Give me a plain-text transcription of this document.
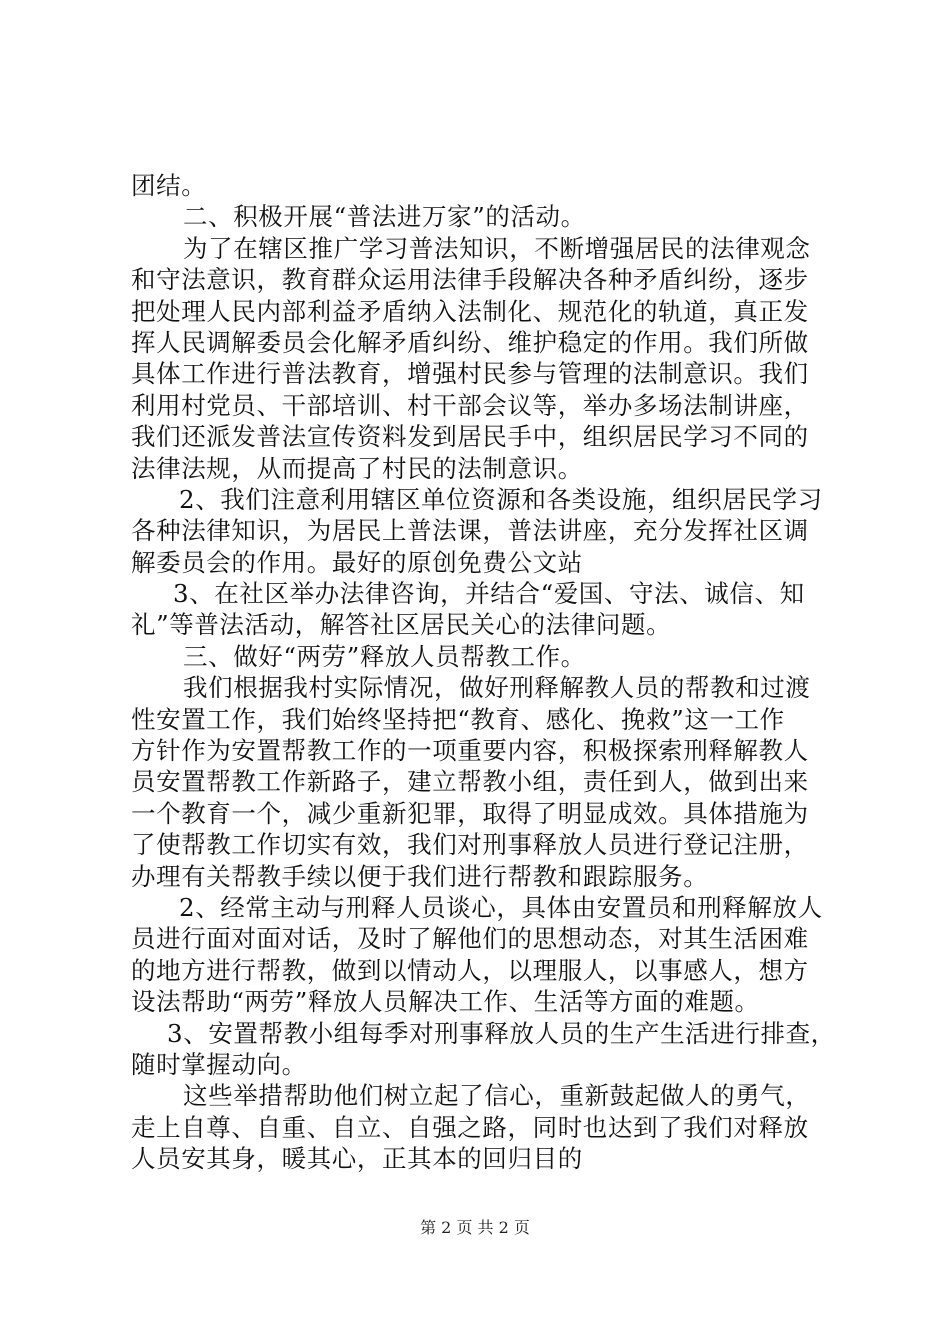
团结。
二、积极开展“普法进万家”的活动。
为了在辖区推广学习普法知识，不断增强居民的法律观念
和守法意识，教育群众运用法律手段解决各种矛盾纠纷，逐步
把处理人民内部利益矛盾纳入法制化、规范化的轨道，真正发
挥人民调解委员会化解矛盾纠纷、维护稳定的作用。我们所做
具体工作进行普法教育，增强村民参与管理的法制意识。我们
利用村党员、干部培训、村干部会议等，举办多场法制讲座，
我们还派发普法宣传资料发到居民手中，组织居民学习不同的
法律法规，从而提高了村民的法制意识。
2、我们注意利用辖区单位资源和各类设施，组织居民学习
各种法律知识，为居民上普法课，普法讲座，充分发挥社区调
解委员会的作用。最好的原创免费公文站
3、在社区举办法律咨询，并结合“爱国、守法、诚信、知
礼”等普法活动，解答社区居民关心的法律问题。
三、做好“两劳”释放人员帮教工作。
我们根据我村实际情况，做好刑释解教人员的帮教和过渡
性安置工作，我们始终坚持把“教育、感化、挽救”这一工作
方针作为安置帮教工作的一项重要内容，积极探索刑释解教人
员安置帮教工作新路子，建立帮教小组，责任到人，做到出来
一个教育一个，减少重新犯罪，取得了明显成效。具体措施为
了使帮教工作切实有效，我们对刑事释放人员进行登记注册，
办理有关帮教手续以便于我们进行帮教和跟踪服务。
2、经常主动与刑释人员谈心，具体由安置员和刑释解放人
员进行面对面对话，及时了解他们的思想动态，对其生活困难
的地方进行帮教，做到以情动人，以理服人，以事感人，想方
设法帮助“两劳”释放人员解决工作、生活等方面的难题。
3、安置帮教小组每季对刑事释放人员的生产生活进行排查，
随时掌握动向。
这些举措帮助他们树立起了信心，重新鼓起做人的勇气，
走上自尊、自重、自立、自强之路，同时也达到了我们对释放
人员安其身，暖其心，正其本的回归目的
第 2 页 共 2 页
